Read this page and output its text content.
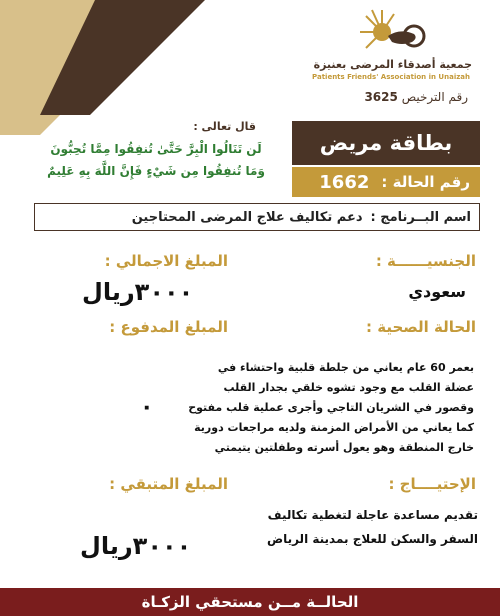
جمعية أصدقاء المرضى بعنيزة
Patients Friends' Association in Unaizah
رقم الترخيص 3625
قال تعالى :
لَن تَنَالُوا الْبِرَّ حَتَّىٰ تُنفِقُوا مِمَّا تُحِبُّونَ
وَمَا تُنفِقُوا مِن شَيْءٍ فَإِنَّ اللَّهَ بِهِ عَلِيمٌ
بطاقة مريض
رقم الحالة :
1662
اسم البــرنامج :
دعم تكاليف علاج المرضى المحتاجين
الجنسيــــــة :
سعودي
المبلغ الاجمالي :
٣٠٠٠ريال
الحالة الصحية :
المبلغ المدفوع :
٠
بعمر 60 عام يعاني من جلطة قلبية واحتشاء في
عضلة القلب مع وجود تشوه خلقي بجدار القلب
وقصور في الشريان التاجي وأجرى عملية قلب مفتوح
كما يعاني من الأمراض المزمنة ولديه مراجعات دورية
خارج المنطقة وهو يعول أسرته وطفلتين يتيمتي
الإحتيــــاج :
المبلغ المتبقي :
تقديم مساعدة عاجلة لتغطية تكاليف
السفر والسكن للعلاج بمدينة الرياض
٣٠٠٠ريال
الحالــة مــن مستحقي الزكـاة
